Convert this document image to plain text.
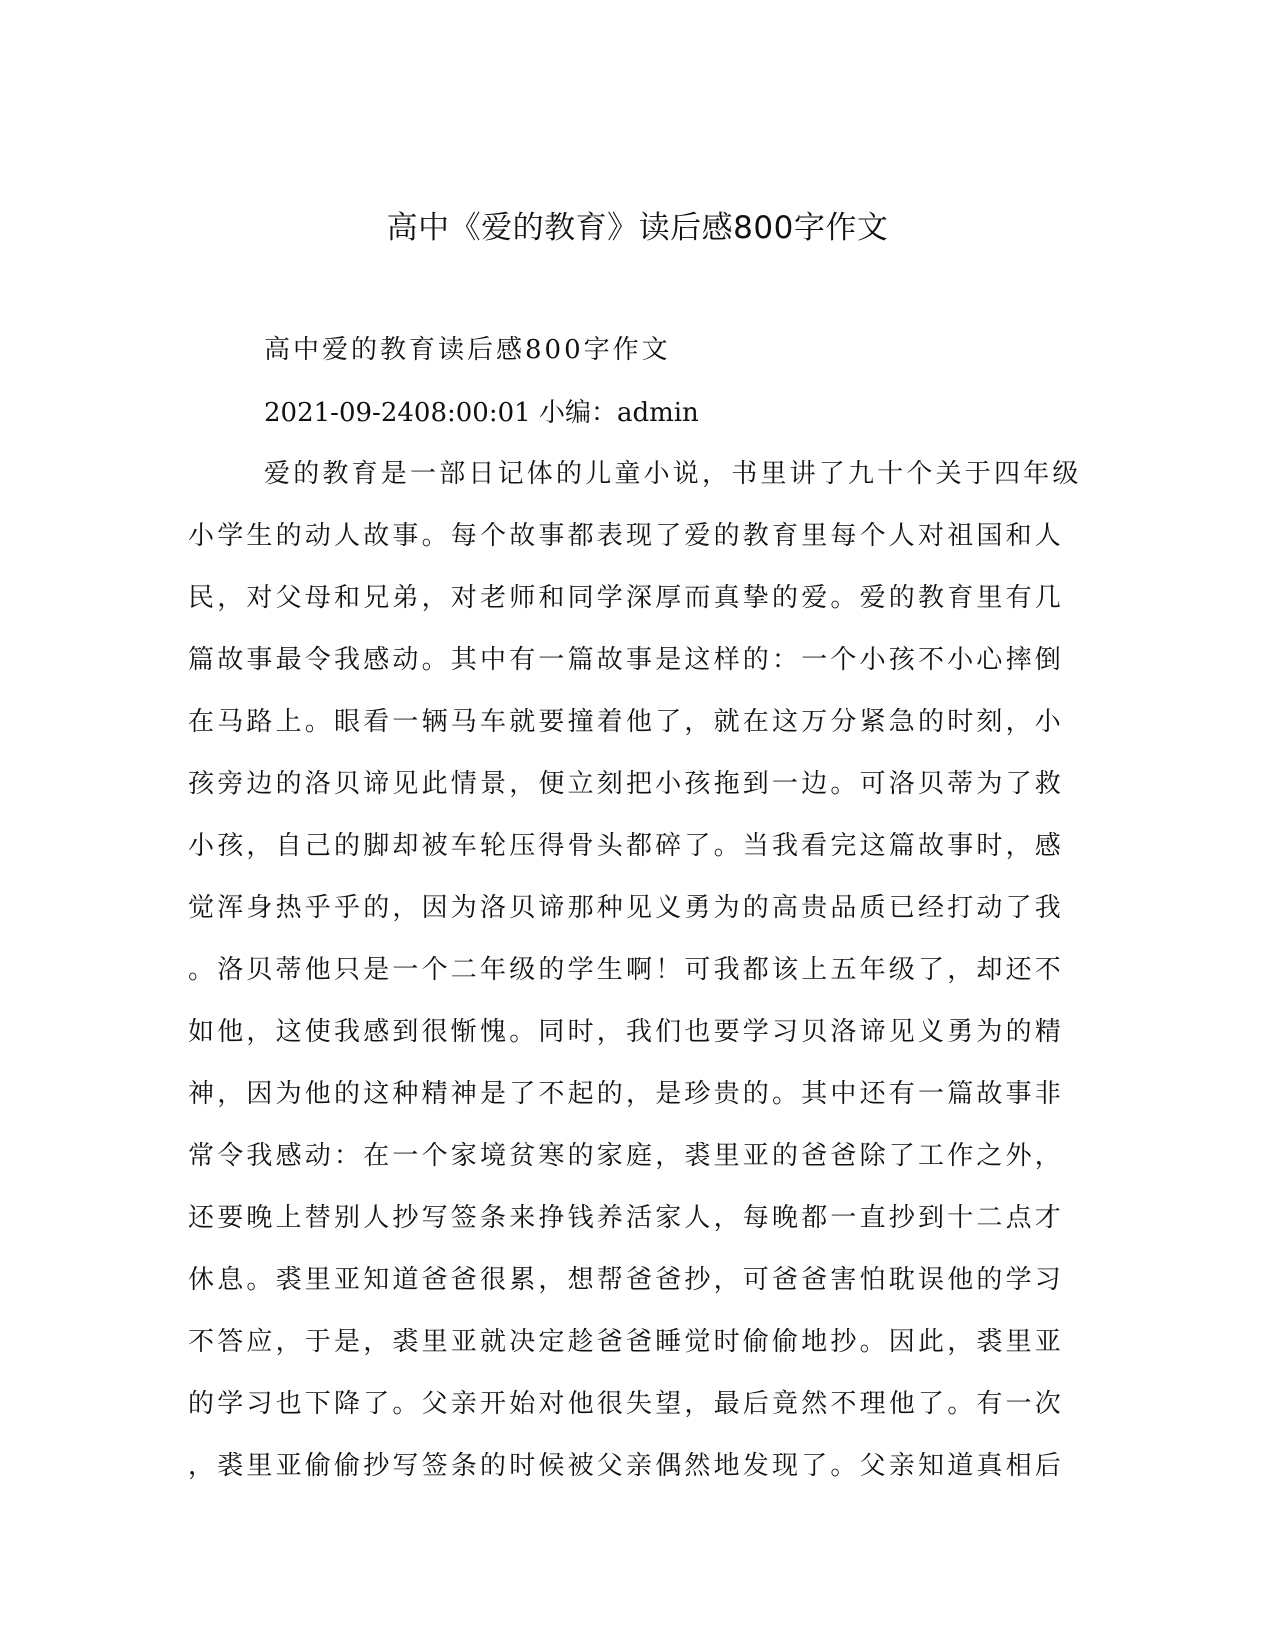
高中《爱的教育》读后感800字作文

高中爱的教育读后感800字作文

2021-09-2408:00:01 小编：admin

爱的教育是一部日记体的儿童小说，书里讲了九十个关于四年级
小学生的动人故事。每个故事都表现了爱的教育里每个人对祖国和人
民，对父母和兄弟，对老师和同学深厚而真挚的爱。爱的教育里有几
篇故事最令我感动。其中有一篇故事是这样的：一个小孩不小心摔倒
在马路上。眼看一辆马车就要撞着他了，就在这万分紧急的时刻，小
孩旁边的洛贝谛见此情景，便立刻把小孩拖到一边。可洛贝蒂为了救
小孩，自己的脚却被车轮压得骨头都碎了。当我看完这篇故事时，感
觉浑身热乎乎的，因为洛贝谛那种见义勇为的高贵品质已经打动了我
。洛贝蒂他只是一个二年级的学生啊！可我都该上五年级了，却还不
如他，这使我感到很惭愧。同时，我们也要学习贝洛谛见义勇为的精
神，因为他的这种精神是了不起的，是珍贵的。其中还有一篇故事非
常令我感动：在一个家境贫寒的家庭，裘里亚的爸爸除了工作之外，
还要晚上替别人抄写签条来挣钱养活家人，每晚都一直抄到十二点才
休息。裘里亚知道爸爸很累，想帮爸爸抄，可爸爸害怕耽误他的学习
不答应，于是，裘里亚就决定趁爸爸睡觉时偷偷地抄。因此，裘里亚
的学习也下降了。父亲开始对他很失望，最后竟然不理他了。有一次
，裘里亚偷偷抄写签条的时候被父亲偶然地发现了。父亲知道真相后
